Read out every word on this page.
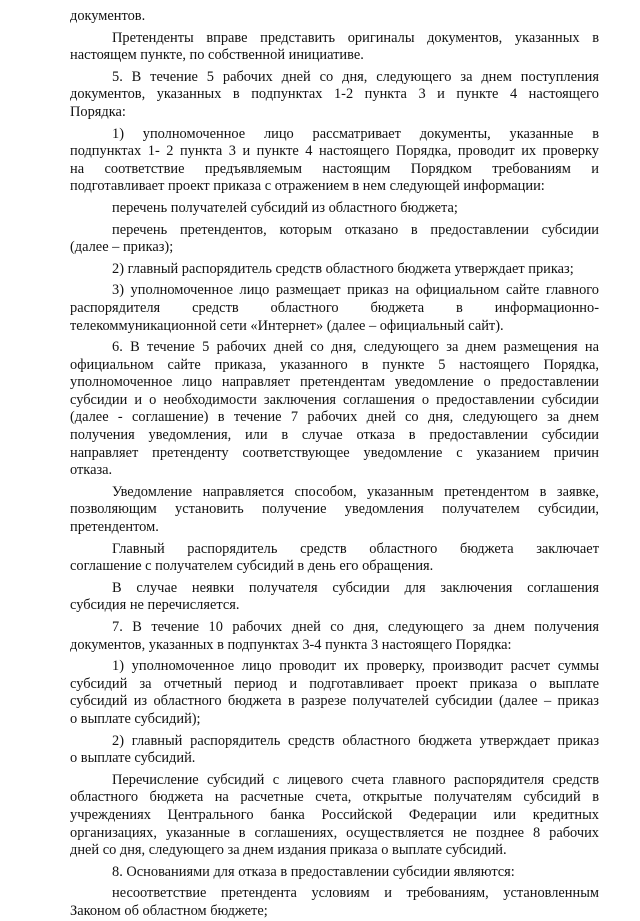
документов.
Претенденты вправе представить оригиналы документов, указанных в
настоящем пункте, по собственной инициативе.
5. В течение 5 рабочих дней со дня, следующего за днем поступления
документов, указанных в подпунктах 1-2 пункта 3 и пункте 4 настоящего
Порядка:
1) уполномоченное лицо рассматривает документы, указанные в
подпунктах 1- 2 пункта 3 и пункте 4 настоящего Порядка, проводит их проверку
на соответствие предъявляемым настоящим Порядком требованиям и
подготавливает проект приказа с отражением в нем следующей информации:
перечень получателей субсидий из областного бюджета;
перечень претендентов, которым отказано в предоставлении субсидии
(далее – приказ);
2) главный распорядитель средств областного бюджета утверждает приказ;
3) уполномоченное лицо размещает приказ на официальном сайте главного
распорядителя средств областного бюджета в информационно-
телекоммуникационной сети «Интернет» (далее – официальный сайт).
6. В течение 5 рабочих дней со дня, следующего за днем размещения на
официальном сайте приказа, указанного в пункте 5 настоящего Порядка,
уполномоченное лицо направляет претендентам уведомление о предоставлении
субсидии и о необходимости заключения соглашения о предоставлении субсидии
(далее - соглашение) в течение 7 рабочих дней со дня, следующего за днем
получения уведомления, или в случае отказа в предоставлении субсидии
направляет претенденту соответствующее уведомление с указанием причин
отказа.
Уведомление направляется способом, указанным претендентом в заявке,
позволяющим установить получение уведомления получателем субсидии,
претендентом.
Главный распорядитель средств областного бюджета заключает
соглашение с получателем субсидий в день его обращения.
В случае неявки получателя субсидии для заключения соглашения
субсидия не перечисляется.
7. В течение 10 рабочих дней со дня, следующего за днем получения
документов, указанных в подпунктах 3-4 пункта 3 настоящего Порядка:
1) уполномоченное лицо проводит их проверку, производит расчет суммы
субсидий за отчетный период и подготавливает проект приказа о выплате
субсидий из областного бюджета в разрезе получателей субсидии (далее – приказ
о выплате субсидий);
2) главный распорядитель средств областного бюджета утверждает приказ
о выплате субсидий.
Перечисление субсидий с лицевого счета главного распорядителя средств
областного бюджета на расчетные счета, открытые получателям субсидий в
учреждениях Центрального банка Российской Федерации или кредитных
организациях, указанные в соглашениях, осуществляется не позднее 8 рабочих
дней со дня, следующего за днем издания приказа о выплате субсидий.
8. Основаниями для отказа в предоставлении субсидии являются:
несоответствие претендента условиям и требованиям, установленным
Законом об областном бюджете;
